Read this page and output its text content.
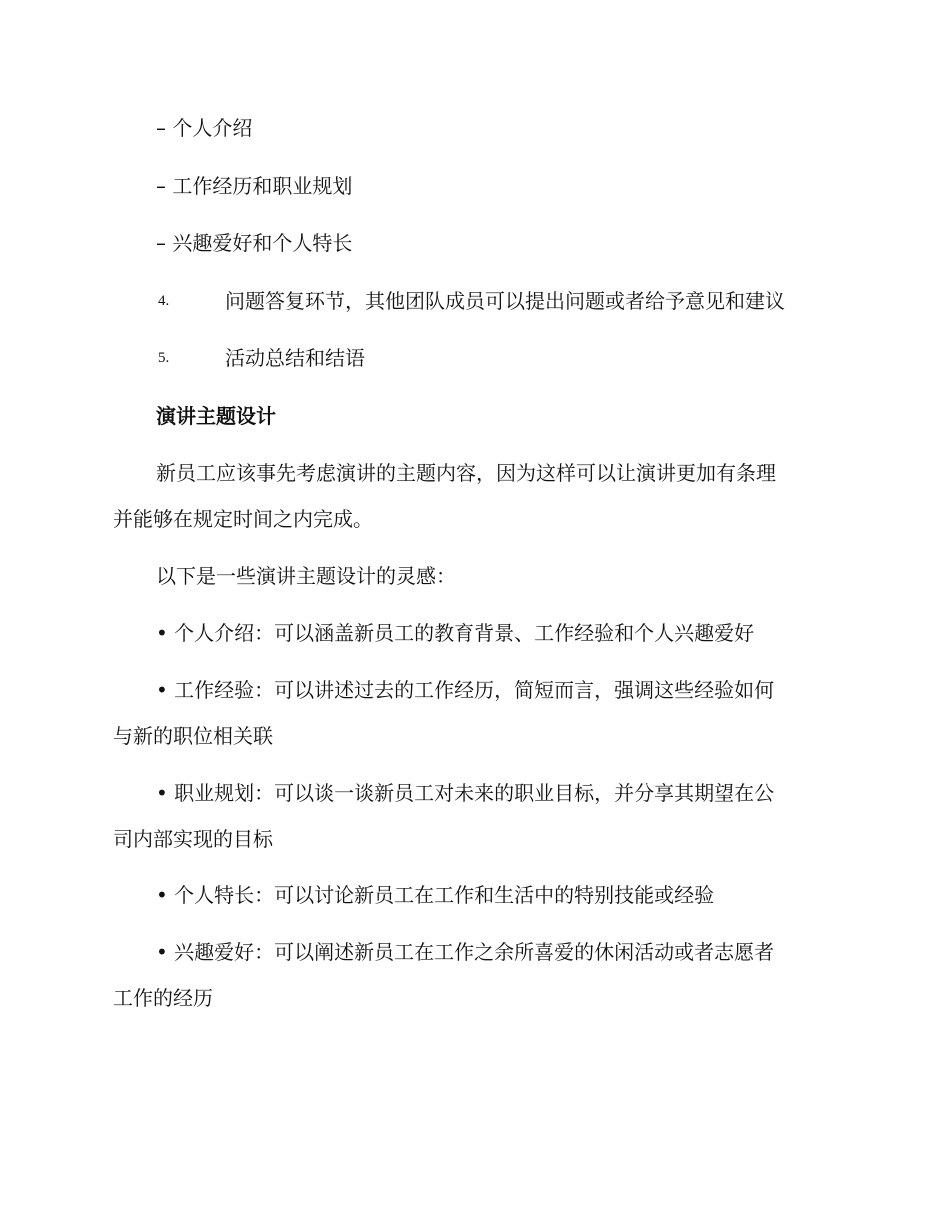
– 个人介绍
– 工作经历和职业规划
– 兴趣爱好和个人特长
4.	问题答复环节，其他团队成员可以提出问题或者给予意见和建议
5.	活动总结和结语
演讲主题设计
新员工应该事先考虑演讲的主题内容，因为这样可以让演讲更加有条理
并能够在规定时间之内完成。
以下是一些演讲主题设计的灵感：
• 个人介绍：可以涵盖新员工的教育背景、工作经验和个人兴趣爱好
• 工作经验：可以讲述过去的工作经历，简短而言，强调这些经验如何
与新的职位相关联
• 职业规划：可以谈一谈新员工对未来的职业目标，并分享其期望在公
司内部实现的目标
• 个人特长：可以讨论新员工在工作和生活中的特别技能或经验
• 兴趣爱好：可以阐述新员工在工作之余所喜爱的休闲活动或者志愿者
工作的经历
